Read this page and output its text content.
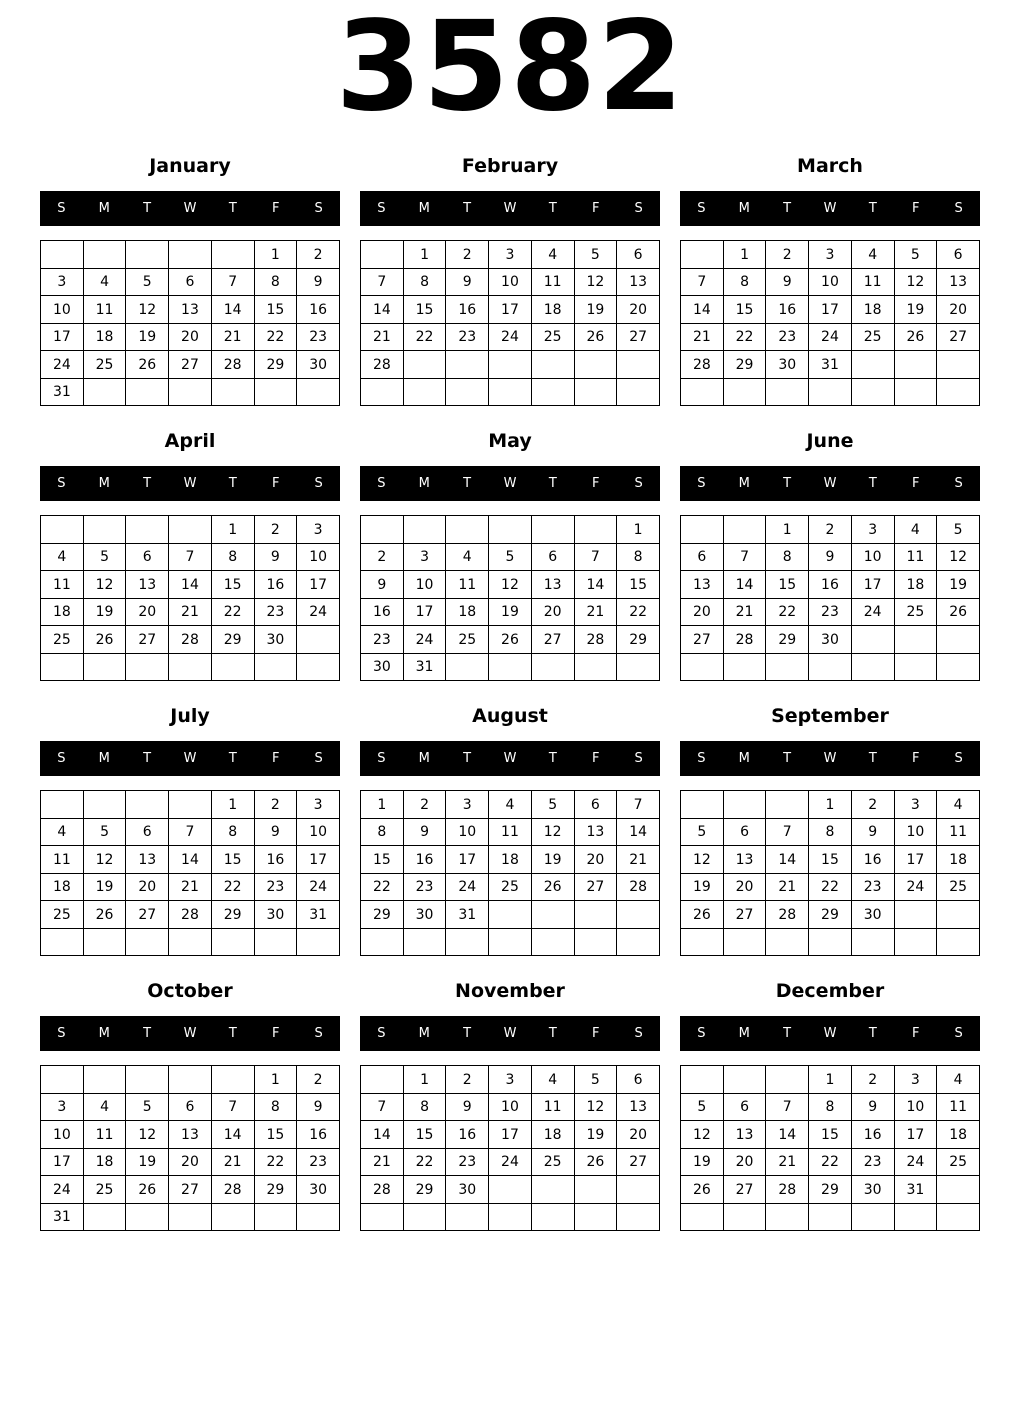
3582
January
S	M	T	W	T	F	S
					1	2
3	4	5	6	7	8	9
10	11	12	13	14	15	16
17	18	19	20	21	22	23
24	25	26	27	28	29	30
31						
February
S	M	T	W	T	F	S
	1	2	3	4	5	6
7	8	9	10	11	12	13
14	15	16	17	18	19	20
21	22	23	24	25	26	27
28						

March
S	M	T	W	T	F	S
	1	2	3	4	5	6
7	8	9	10	11	12	13
14	15	16	17	18	19	20
21	22	23	24	25	26	27
28	29	30	31			

April
S	M	T	W	T	F	S
				1	2	3
4	5	6	7	8	9	10
11	12	13	14	15	16	17
18	19	20	21	22	23	24
25	26	27	28	29	30	

May
S	M	T	W	T	F	S
						1
2	3	4	5	6	7	8
9	10	11	12	13	14	15
16	17	18	19	20	21	22
23	24	25	26	27	28	29
30	31					
June
S	M	T	W	T	F	S
		1	2	3	4	5
6	7	8	9	10	11	12
13	14	15	16	17	18	19
20	21	22	23	24	25	26
27	28	29	30			

July
S	M	T	W	T	F	S
				1	2	3
4	5	6	7	8	9	10
11	12	13	14	15	16	17
18	19	20	21	22	23	24
25	26	27	28	29	30	31

August
S	M	T	W	T	F	S
1	2	3	4	5	6	7
8	9	10	11	12	13	14
15	16	17	18	19	20	21
22	23	24	25	26	27	28
29	30	31				

September
S	M	T	W	T	F	S
			1	2	3	4
5	6	7	8	9	10	11
12	13	14	15	16	17	18
19	20	21	22	23	24	25
26	27	28	29	30		

October
S	M	T	W	T	F	S
					1	2
3	4	5	6	7	8	9
10	11	12	13	14	15	16
17	18	19	20	21	22	23
24	25	26	27	28	29	30
31						
November
S	M	T	W	T	F	S
	1	2	3	4	5	6
7	8	9	10	11	12	13
14	15	16	17	18	19	20
21	22	23	24	25	26	27
28	29	30				

December
S	M	T	W	T	F	S
			1	2	3	4
5	6	7	8	9	10	11
12	13	14	15	16	17	18
19	20	21	22	23	24	25
26	27	28	29	30	31	
